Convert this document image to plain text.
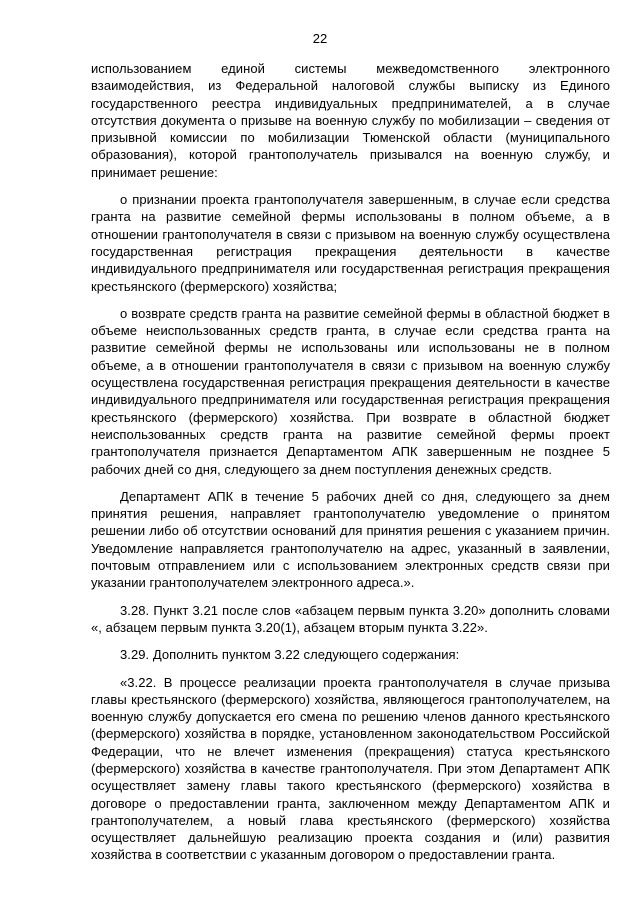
22

использованием единой системы межведомственного электронного взаимодействия, из Федеральной налоговой службы выписку из Единого государственного реестра индивидуальных предпринимателей, а в случае отсутствия документа о призыве на военную службу по мобилизации – сведения от призывной комиссии по мобилизации Тюменской области (муниципального образования), которой грантополучатель призывался на военную службу, и принимает решение:

о признании проекта грантополучателя завершенным, в случае если средства гранта на развитие семейной фермы использованы в полном объеме, а в отношении грантополучателя в связи с призывом на военную службу осуществлена государственная регистрация прекращения деятельности в качестве индивидуального предпринимателя или государственная регистрация прекращения крестьянского (фермерского) хозяйства;

о возврате средств гранта на развитие семейной фермы в областной бюджет в объеме неиспользованных средств гранта, в случае если средства гранта на развитие семейной фермы не использованы или использованы не в полном объеме, а в отношении грантополучателя в связи с призывом на военную службу осуществлена государственная регистрация прекращения деятельности в качестве индивидуального предпринимателя или государственная регистрация прекращения крестьянского (фермерского) хозяйства. При возврате в областной бюджет неиспользованных средств гранта на развитие семейной фермы проект грантополучателя признается Департаментом АПК завершенным не позднее 5 рабочих дней со дня, следующего за днем поступления денежных средств.

Департамент АПК в течение 5 рабочих дней со дня, следующего за днем принятия решения, направляет грантополучателю уведомление о принятом решении либо об отсутствии оснований для принятия решения с указанием причин. Уведомление направляется грантополучателю на адрес, указанный в заявлении, почтовым отправлением или с использованием электронных средств связи при указании грантополучателем электронного адреса.».

3.28. Пункт 3.21 после слов «абзацем первым пункта 3.20» дополнить словами «, абзацем первым пункта 3.20(1), абзацем вторым пункта 3.22».

3.29. Дополнить пунктом 3.22 следующего содержания:

«3.22. В процессе реализации проекта грантополучателя в случае призыва главы крестьянского (фермерского) хозяйства, являющегося грантополучателем, на военную службу допускается его смена по решению членов данного крестьянского (фермерского) хозяйства в порядке, установленном законодательством Российской Федерации, что не влечет изменения (прекращения) статуса крестьянского (фермерского) хозяйства в качестве грантополучателя. При этом Департамент АПК осуществляет замену главы такого крестьянского (фермерского) хозяйства в договоре о предоставлении гранта, заключенном между Департаментом АПК и грантополучателем, а новый глава крестьянского (фермерского) хозяйства осуществляет дальнейшую реализацию проекта создания и (или) развития хозяйства в соответствии с указанным договором о предоставлении гранта.
